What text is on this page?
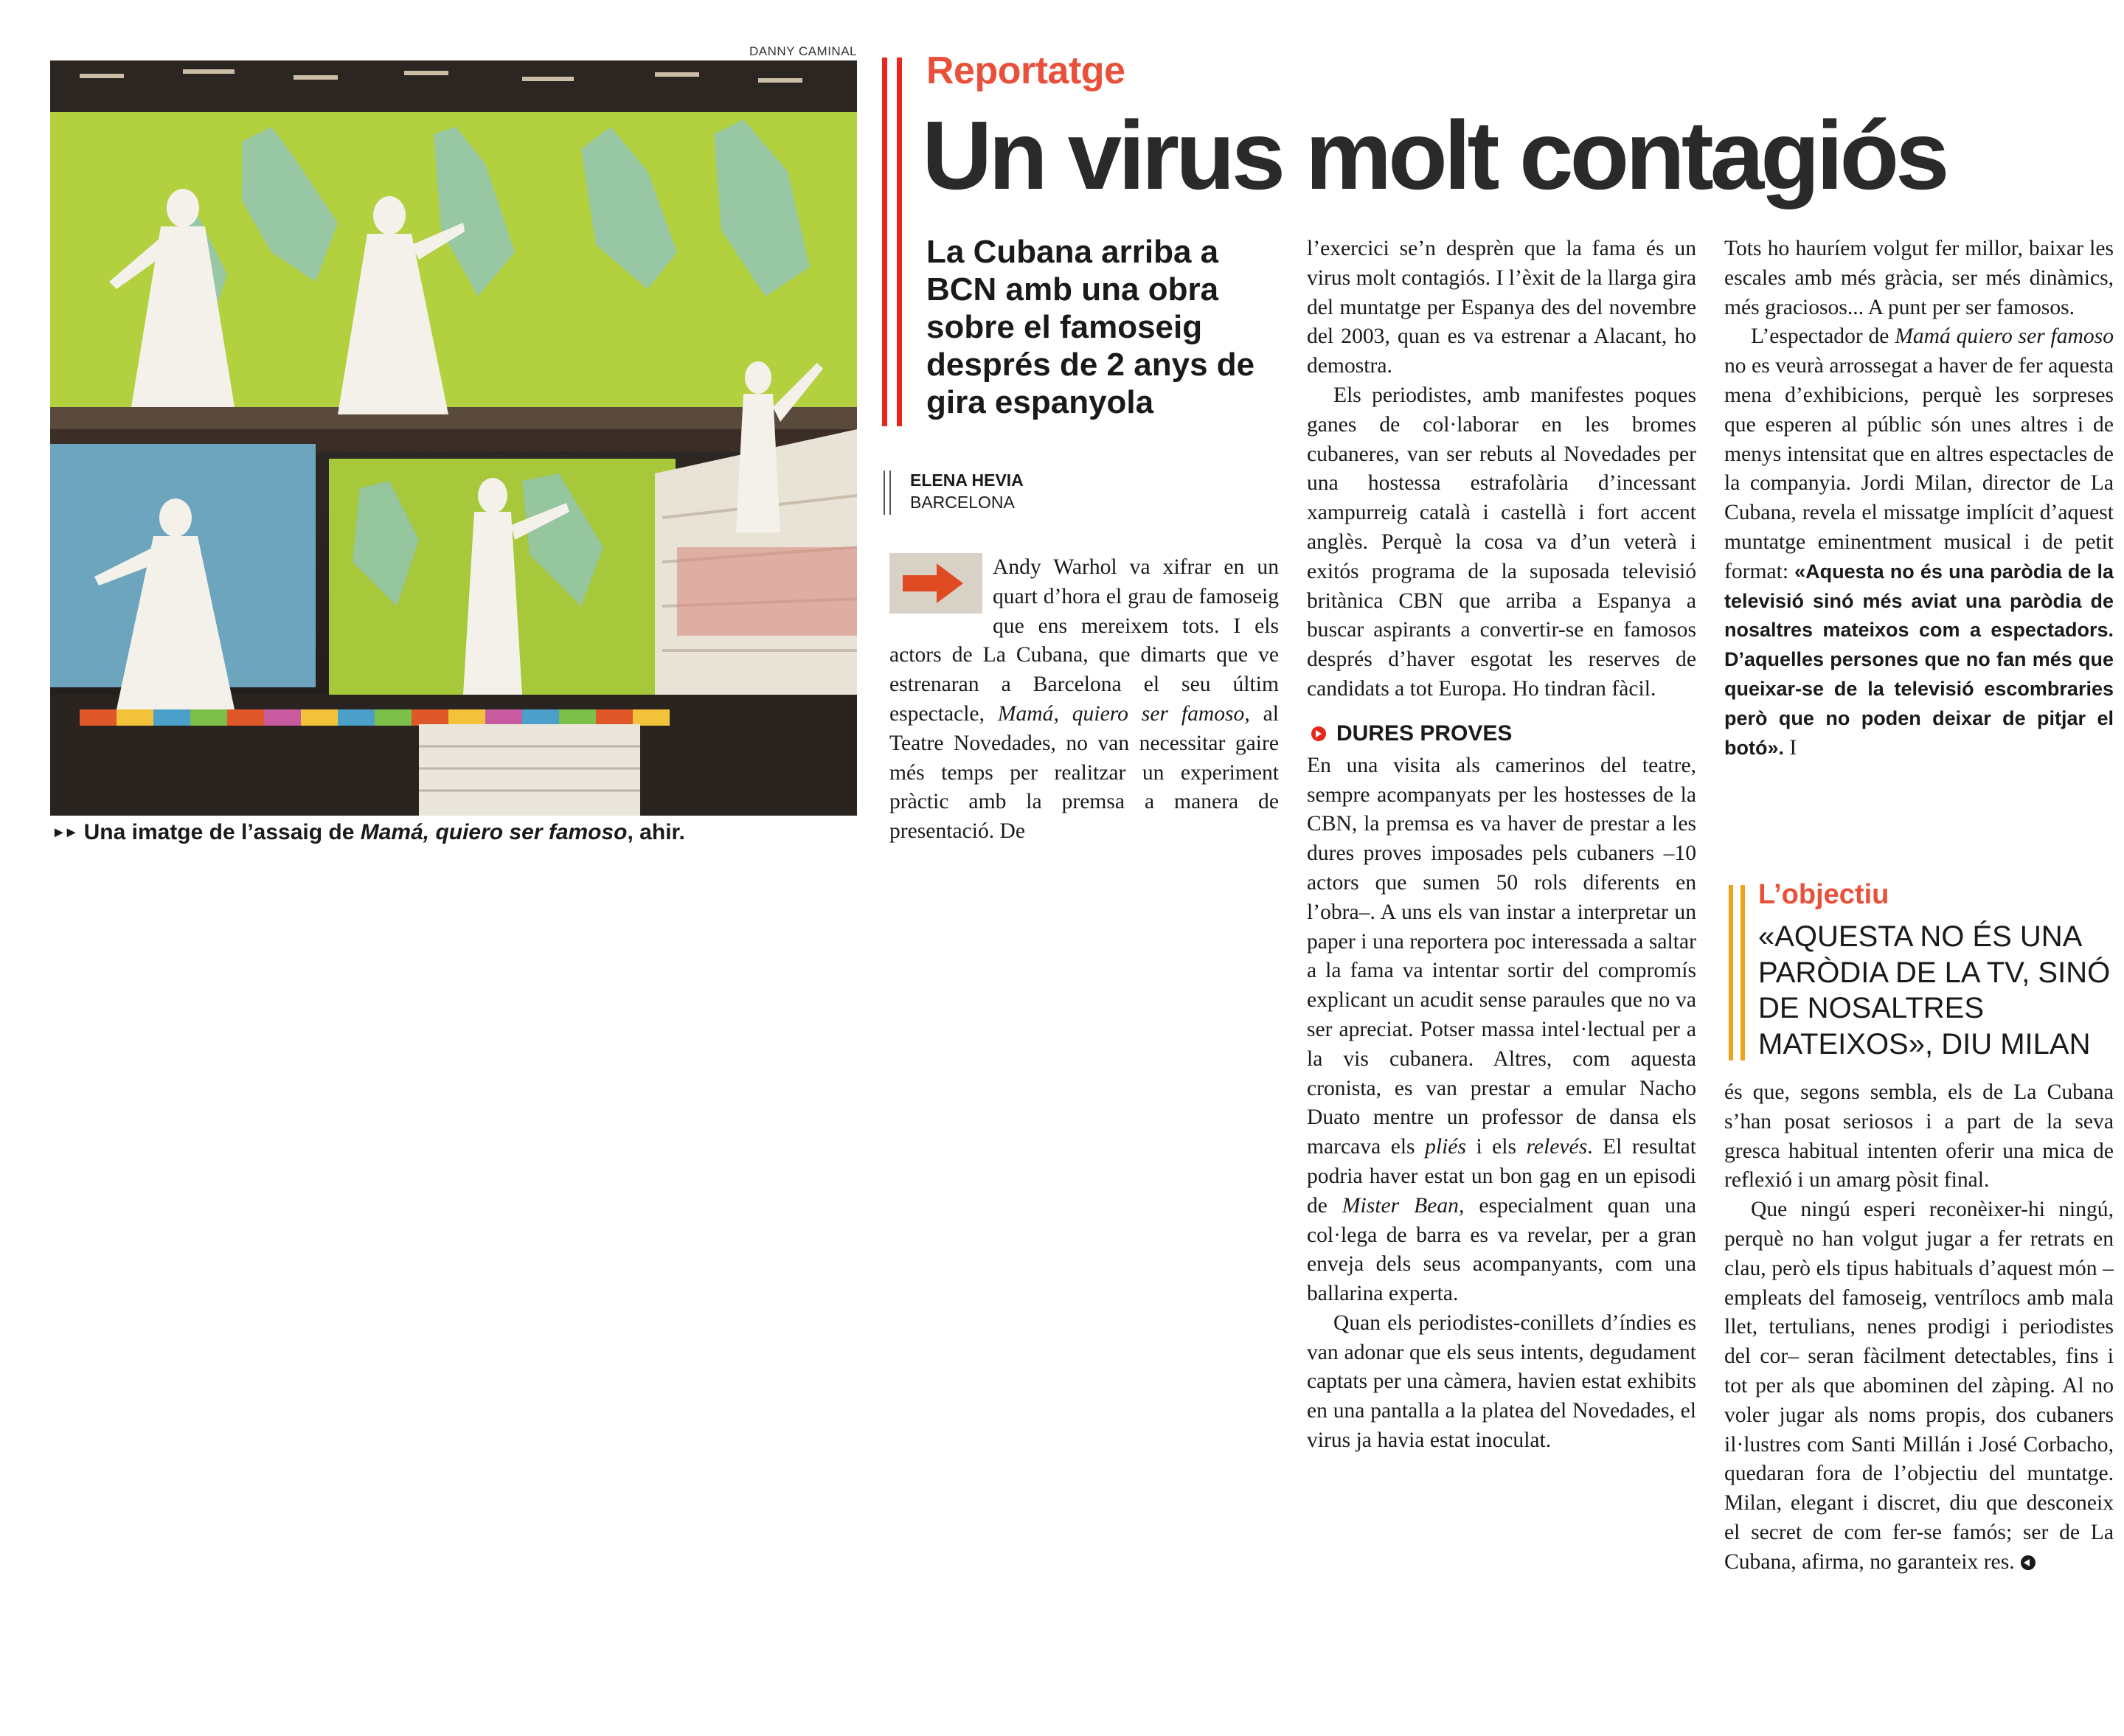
DANNY CAMINAL
►► Una imatge de l’assaig de Mamá, quiero ser famoso, ahir.
Reportatge
Un virus molt contagiós
La Cubana arriba a BCN amb una obra sobre el famoseig després de 2 anys de gira espanyola
ELENA HEVIA
BARCELONA

Andy Warhol va xifrar en un quart d’hora el grau de famoseig que ens mereixem tots. I els actors de La Cubana, que dimarts que ve estrenaran a Barcelona el seu últim espectacle, Mamá, quiero ser famoso, al Teatre Novedades, no van necessitar gaire més temps per realitzar un experiment pràctic amb la premsa a manera de presentació. De

l’exercici se’n desprèn que la fama és un virus molt contagiós. I l’èxit de la llarga gira del muntatge per Espanya des del novembre del 2003, quan es va estrenar a Alacant, ho demostra.

Els periodistes, amb manifestes poques ganes de col·laborar en les bromes cubaneres, van ser rebuts al Novedades per una hostessa estrafolària d’incessant xampurreig català i castellà i fort accent anglès. Perquè la cosa va d’un veterà i exitós programa de la suposada televisió britànica CBN que arriba a Espanya a buscar aspirants a convertir-se en famosos després d’haver esgotat les reserves de candidats a tot Europa. Ho tindran fàcil.

DURES PROVES

En una visita als camerinos del teatre, sempre acompanyats per les hostesses de la CBN, la premsa es va haver de prestar a les dures proves imposades pels cubaners –10 actors que sumen 50 rols diferents en l’obra–. A uns els van instar a interpretar un paper i una reportera poc interessada a saltar a la fama va intentar sortir del compromís explicant un acudit sense paraules que no va ser apreciat. Potser massa intel·lectual per a la vis cubanera. Altres, com aquesta cronista, es van prestar a emular Nacho Duato mentre un professor de dansa els marcava els pliés i els relevés. El resultat podria haver estat un bon gag en un episodi de Mister Bean, especialment quan una col·lega de barra es va revelar, per a gran enveja dels seus acompanyants, com una ballarina experta.

Quan els periodistes-conillets d’índies es van adonar que els seus intents, degudament captats per una càmera, havien estat exhibits en una pantalla a la platea del Novedades, el virus ja havia estat inoculat.

Tots ho hauríem volgut fer millor, baixar les escales amb més gràcia, ser més dinàmics, més graciosos... A punt per ser famosos.

L’espectador de Mamá quiero ser famoso no es veurà arrossegat a haver de fer aquesta mena d’exhibicions, perquè les sorpreses que esperen al públic són unes altres i de menys intensitat que en altres espectacles de la companyia. Jordi Milan, director de La Cubana, revela el missatge implícit d’aquest muntatge eminentment musical i de petit format: «Aquesta no és una paròdia de la televisió sinó més aviat una paròdia de nosaltres mateixos com a espectadors. D’aquelles persones que no fan més que queixar-se de la televisió escombraries però que no poden deixar de pitjar el botó». I

L’objectiu
«AQUESTA NO ÉS UNA PARÒDIA DE LA TV, SINÓ DE NOSALTRES MATEIXOS», DIU MILAN

és que, segons sembla, els de La Cubana s’han posat seriosos i a part de la seva gresca habitual intenten oferir una mica de reflexió i un amarg pòsit final.

Que ningú esperi reconèixer-hi ningú, perquè no han volgut jugar a fer retrats en clau, però els tipus habituals d’aquest món –empleats del famoseig, ventrílocs amb mala llet, tertulians, nenes prodigi i periodistes del cor– seran fàcilment detectables, fins i tot per als que abominen del zàping. Al no voler jugar als noms propis, dos cubaners il·lustres com Santi Millán i José Corbacho, quedaran fora de l’objectiu del muntatge. Milan, elegant i discret, diu que desconeix el secret de com fer-se famós; ser de La Cubana, afirma, no garanteix res.
